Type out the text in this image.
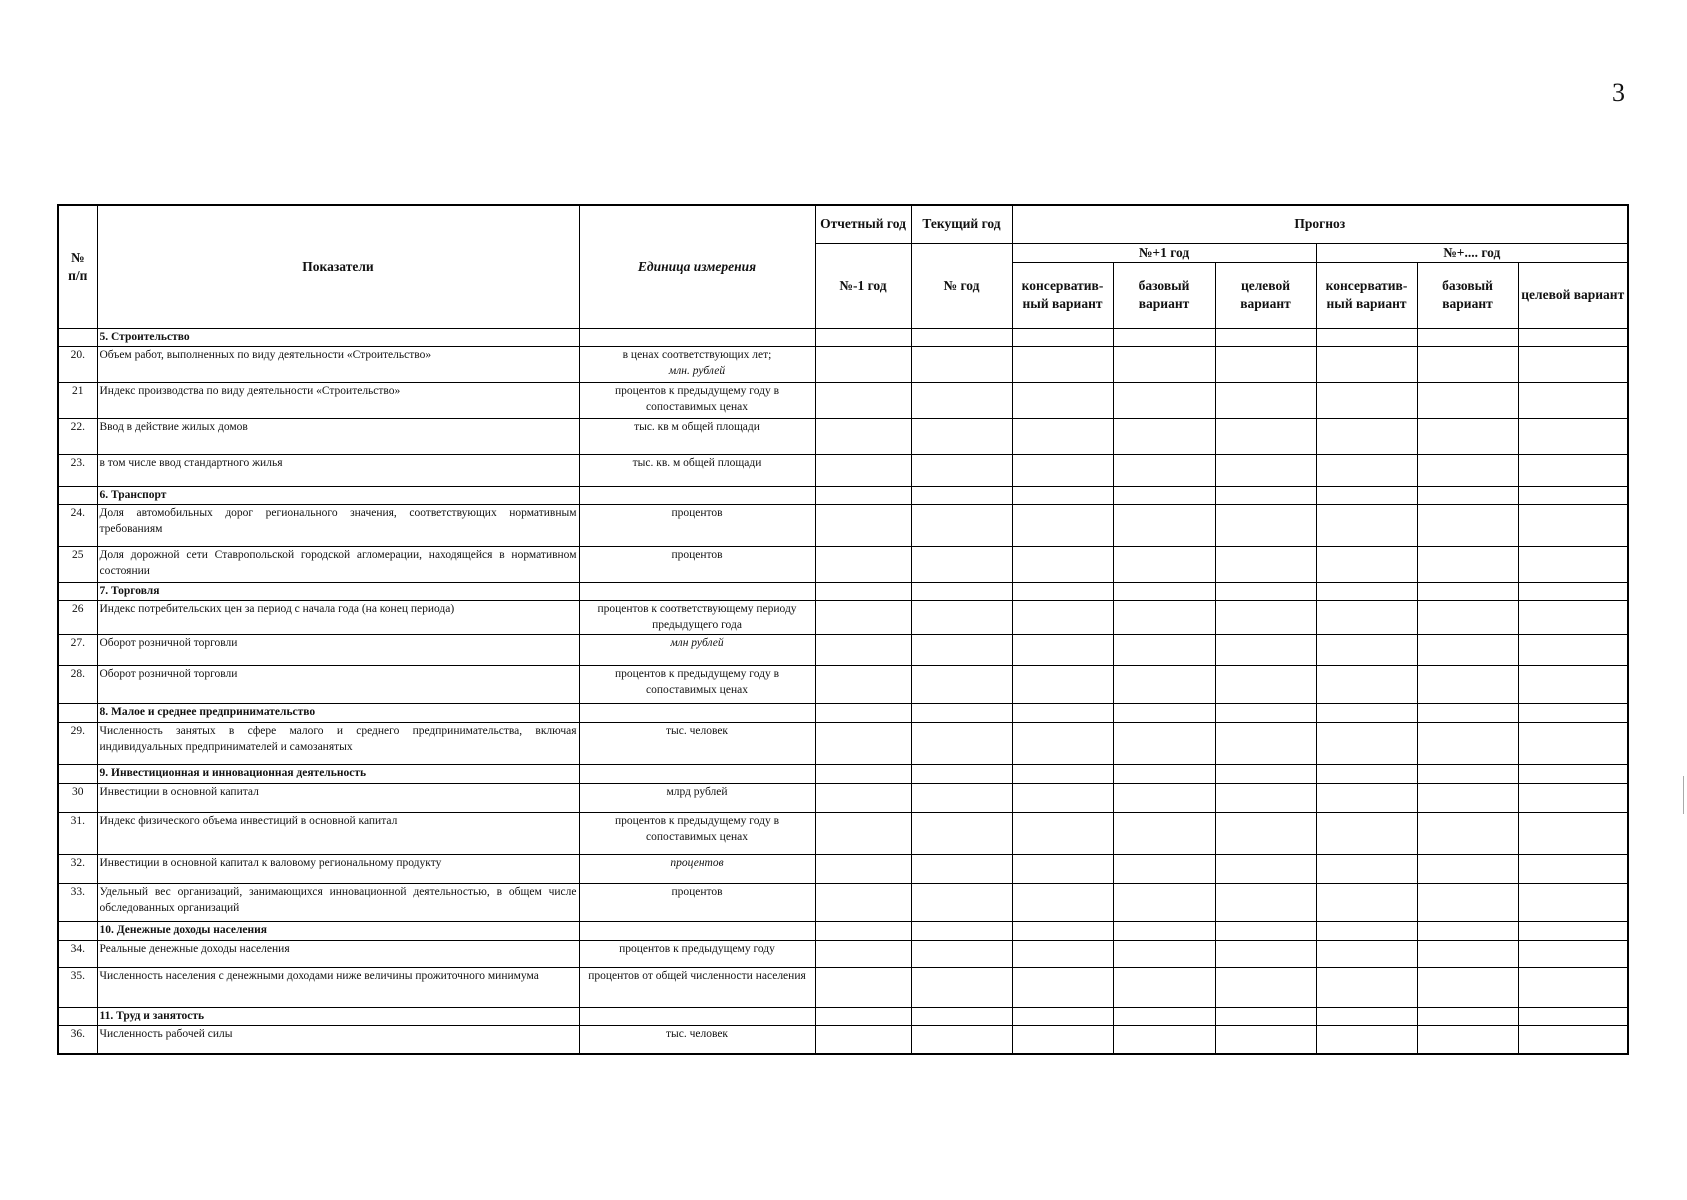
3
№
п/п	Показатели	Единица измерения	Отчетный год	Текущий год	Прогноз					
			№-1 год	№ год	№+1 год			№+.... год		
					консерватив-ный вариант	базовый вариант	целевой вариант	консерватив-ный вариант	базовый вариант	целевой вариант
	5. Строительство									
20.	Объем работ, выполненных по виду деятельности «Строительство»	в ценах соответствующих лет;
млн. рублей								
21	Индекс производства по виду деятельности «Строительство»	процентов к предыдущему году в сопоставимых ценах								
22.	Ввод в действие жилых домов	тыс. кв м общей площади								
23.	в том числе ввод стандартного жилья	тыс. кв. м общей площади								
	6. Транспорт									
24.	Доля автомобильных дорог регионального значения, соответствующих нормативным требованиям	процентов								
25	Доля дорожной сети Ставропольской городской агломерации, находящейся в нормативном состоянии	процентов								
	7. Торговля									
26	Индекс потребительских цен за период с начала года (на конец периода)	процентов к соответствующему периоду предыдущего года								
27.	Оборот розничной торговли	млн рублей								
28.	Оборот розничной торговли	процентов к предыдущему году в сопоставимых ценах								
	8. Малое и среднее предпринимательство									
29.	Численность занятых в сфере малого и среднего предпринимательства, включая индивидуальных предпринимателей и самозанятых	тыс. человек								
	9. Инвестиционная и инновационная деятельность									
30	Инвестиции в основной капитал	млрд рублей								
31.	Индекс физического объема инвестиций в основной капитал	процентов к предыдущему году в сопоставимых ценах								
32.	Инвестиции в основной капитал к валовому региональному продукту	процентов								
33.	Удельный вес организаций, занимающихся инновационной деятельностью, в общем числе обследованных организаций	процентов								
	10. Денежные доходы населения									
34.	Реальные денежные доходы населения	процентов к предыдущему году								
35.	Численность населения с денежными доходами ниже величины прожиточного минимума	процентов от общей численности населения								
	11. Труд и занятость									
36.	Численность рабочей силы	тыс. человек								
